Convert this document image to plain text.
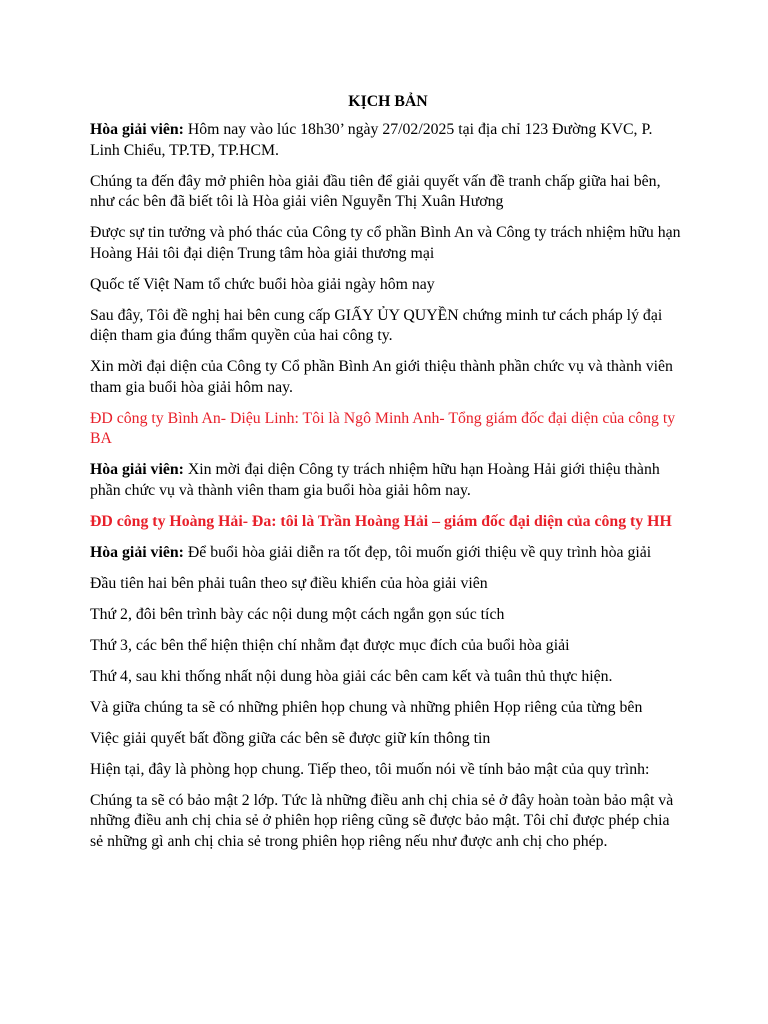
KỊCH BẢN

Hòa giải viên: Hôm nay vào lúc 18h30’ ngày 27/02/2025 tại địa chỉ 123 Đường KVC, P. Linh Chiểu, TP.TĐ, TP.HCM.

Chúng ta đến đây mở phiên hòa giải đầu tiên để giải quyết vấn đề tranh chấp giữa hai bên, như các bên đã biết tôi là Hòa giải viên Nguyễn Thị Xuân Hương

Được sự tin tưởng và phó thác của Công ty cổ phần Bình An và Công ty trách nhiệm hữu hạn Hoàng Hải tôi đại diện Trung tâm hòa giải thương mại

Quốc tế Việt Nam tổ chức buổi hòa giải ngày hôm nay

Sau đây, Tôi đề nghị hai bên cung cấp GIẤY ỦY QUYỀN chứng minh tư cách pháp lý đại diện tham gia đúng thẩm quyền của hai công ty.

Xin mời đại diện của Công ty Cổ phần Bình An giới thiệu thành phần chức vụ và thành viên tham gia buổi hòa giải hôm nay.

ĐD công ty Bình An- Diệu Linh: Tôi là Ngô Minh Anh- Tổng giám đốc đại diện của công ty BA

Hòa giải viên: Xin mời đại diện Công ty trách nhiệm hữu hạn Hoàng Hải giới thiệu thành phần chức vụ và thành viên tham gia buổi hòa giải hôm nay.

ĐD công ty Hoàng Hải- Đa: tôi là Trần Hoàng Hải – giám đốc đại diện của công ty HH

Hòa giải viên: Để buổi hòa giải diễn ra tốt đẹp, tôi muốn giới thiệu về quy trình hòa giải

Đầu tiên hai bên phải tuân theo sự điều khiển của hòa giải viên

Thứ 2, đôi bên trình bày các nội dung một cách ngắn gọn súc tích

Thứ 3, các bên thể hiện thiện chí nhằm đạt được mục đích của buổi hòa giải

Thứ 4, sau khi thống nhất nội dung hòa giải các bên cam kết và tuân thủ thực hiện.

Và giữa chúng ta sẽ có những phiên họp chung và những phiên Họp riêng của từng bên

Việc giải quyết bất đồng giữa các bên sẽ được giữ kín thông tin

Hiện tại, đây là phòng họp chung. Tiếp theo, tôi muốn nói về tính bảo mật của quy trình:

Chúng ta sẽ có bảo mật 2 lớp. Tức là những điều anh chị chia sẻ ở đây hoàn toàn bảo mật và những điều anh chị chia sẻ ở phiên họp riêng cũng sẽ được bảo mật. Tôi chỉ được phép chia sẻ những gì anh chị chia sẻ trong phiên họp riêng nếu như được anh chị cho phép.
